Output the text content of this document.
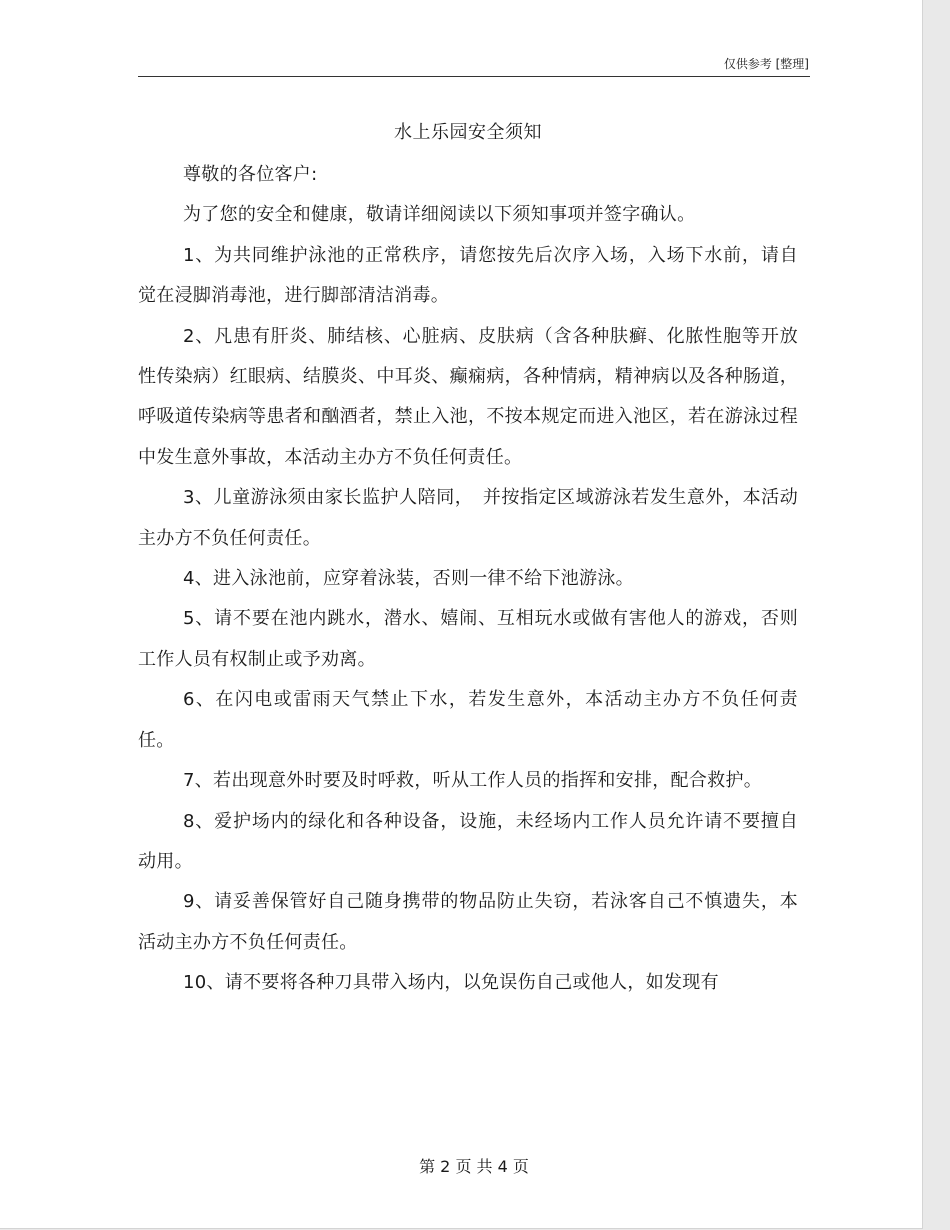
仅供参考 [整理]
水上乐园安全须知

尊敬的各位客户:

为了您的安全和健康，敬请详细阅读以下须知事项并签字确认。

1、为共同维护泳池的正常秩序，请您按先后次序入场，入场下水前，请自觉在浸脚消毒池，进行脚部清洁消毒。

2、凡患有肝炎、肺结核、心脏病、皮肤病（含各种肤癣、化脓性胞等开放性传染病）红眼病、结膜炎、中耳炎、癫痫病，各种情病，精神病以及各种肠道，呼吸道传染病等患者和酗酒者，禁止入池，不按本规定而进入池区，若在游泳过程中发生意外事故，本活动主办方不负任何责任。

3、儿童游泳须由家长监护人陪同，　并按指定区域游泳若发生意外，本活动主办方不负任何责任。

4、进入泳池前，应穿着泳装，否则一律不给下池游泳。

5、请不要在池内跳水，潜水、嬉闹、互相玩水或做有害他人的游戏，否则工作人员有权制止或予劝离。

6、在闪电或雷雨天气禁止下水，若发生意外，本活动主办方不负任何责任。

7、若出现意外时要及时呼救，听从工作人员的指挥和安排，配合救护。

8、爱护场内的绿化和各种设备，设施，未经场内工作人员允许请不要擅自动用。

9、请妥善保管好自己随身携带的物品防止失窃，若泳客自己不慎遗失，本活动主办方不负任何责任。

10、请不要将各种刀具带入场内，以免误伤自己或他人，如发现有

第 2 页 共 4 页
